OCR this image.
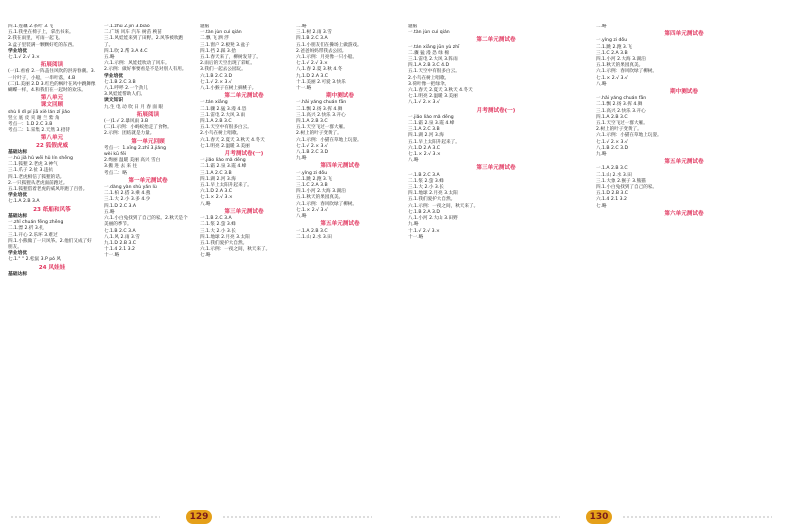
四.1.莲藕 2.茶叶 3.飞

五.1.我坐在椅子上，拿出书来。

2.我在雨里，可雨一起飞。

3.盒子里装满一颗颗好吃的东西。

学业培优

七.1.√ 2.√ 3.×

拓展阅读

(一)1.看看 2.一阵盖住风吹的洪涛春潮。3.一片叶子，小船，一串叶落，4.B

(二)1.美丽 2.D 3.红色的枫叶在风中跳舞像蝴蝶一样，4.和我们在一起时的欢乐。

第八单元

课文回顾

shù lì dǐ pí jiā xiè lán zǐ jiǎo

竖立 底 皮 夹 谢 兰 紫 角

考点一：1.D 2.C 3.B

考点二：1.采集 2.天然 3.招待

第八单元

22 狐假虎威

基础达标

一.hú jiǎ hǔ wēi hǔ lín shēng

二.1.狐狸 2.老虎 3.神气

三.1.爪子 2.扯 3.违抗

四.1.老虎相信了狐狸的话。

2.一只狐狸从老虎面前跑过。

五.1.狐狸借着老虎的威风吓跑了百兽。

学业培优

七.1.A 2.B 3.A

23 纸船和风筝

基础达标

一.zhǐ chuán fēng zhēng

二.1.漂 2.折 3.扎

三.1.开心 2.乐坏 3.难过

四.1.小熊做了一只风筝。2.他们又成了好朋友。

学业培优

七.1." " 2.松鼠 3.P pó 风

24 风娃娃

基础达标

一.1.zhú 2.jīn 3.biāo

二.广场 风车 汽车 树苗 秧苗

三.1.风娃娃来到了田野。2.风筝被吹跑了。

四.1.吹 2.帮 3.A 4.C

五.略

六.1.示例：风娃娃吹动了风车。

2.示例：做好事要看是不是对别人有用。

学业培优

七.1.B 2.C 3.B

八.1.呼呼 2.一个劲儿

3.风娃娃帮助人们。

读文知识

九.生 电 动 吹 日 月 春 面 眼

拓展阅读

(一)1.√ 2.暴风雨 3.B

(二)1.示例：小蚂蚁抬走了食物。

2.示例：团结就是力量。

第一单元回顾

考点一：1.xīng 2.zhī 3.jiǎng

wèi kū fēi

2.绚丽 温暖 美丽 高兴 雪白

3.搬 进 去 来 往

考点二：略

第一单元测试卷

一.dàng yàn shù yǎn lù

二.1.柏 2.搭 3.乘 4.燕

三.1.大 2.小 3.多 4.少

四.1.D 2.C 3.A

五.略

六.1.小白兔找到了自己的家。2.秋天是个美丽的季节。

七.1.B 2.C 3.A

八.1.风 2.雨 3.雪

九.1.D 2.B 3.C

十.1.4 2.1 3.2

十一.略

题脑

一.tàn jùn cuì qián

二.飘 飞 洒 浮

三.1.窗户 2.板凳 3.盆子

四.1.挡 2.踩 3.拾

五.1.春天来了，柳树发芽了。

2.雨后的天空出现了彩虹。

3.我们一起去公园玩。

六.1.B 2.C 3.D

七.1.√ 2.× 3.√

八.1.小猴子在树上摘桃子。

第二单元测试卷

一.tán xiāng

二.1.骤 2.猛 3.漫 4.恐

三.1.雷电 2.大风 3.雨

四.1.A 2.B 3.C

五.1.天空中有很多白云。

2.小鸟在树上唱歌。

六.1.春天 2.夏天 3.秋天 4.冬天

七.1.明亮 2.温暖 3.美丽

月考测试卷(一)

一.jiǎo liào mǎ dēng

二.1.霜 2.泉 3.霞 4.峰

三.1.A 2.C 3.B

四.1.湖 2.河 3.海

五.1.早上太阳升起来了。

六.1.D 2.A 3.C

七.1.× 2.√ 3.×

八.略

第三单元测试卷

一.1.B 2.C 3.A

二.1.浆 2.萤 3.蜂

三.1.大 2.小 3.长

四.1.地球 2.月亮 3.太阳

五.1.我们爱护大自然。

六.1.示例：一夜之间，秋天来了。

七.略

二.略

三.1.树 2.雨 3.雪

四.1.B 2.C 3.A

五.1.小朋友们在操场上做游戏。

2.爸爸妈妈带我去公园。

六.1.示例：月亮像一只小船。

七.1.√ 2.√ 3.×

八.1.春 2.夏 3.秋 4.冬

九.1.D 2.A 3.C

十.1.美丽 2.可爱 3.快乐

十一.略

期中测试卷

一.hǎi yáng chuán fān

二.1.飘 2.扬 3.挥 4.舞

三.1.高兴 2.快乐 3.开心

四.1.A 2.B 3.C

五.1.天空飞过一群大雁。

2.树上的叶子变黄了。

六.1.示例：小猫在草地上玩耍。

七.1.√ 2.× 3.√

八.1.B 2.C 3.D

九.略

第四单元测试卷

一.yǐng zi dǒu

二.1.跳 2.跑 3.飞

三.1.C 2.A 3.B

四.1.小河 2.大海 3.湖泊

五.1.秋天的果园真美。

六.1.示例：春风吹绿了柳树。

七.1.× 2.√ 3.√

八.略

第五单元测试卷

一.1.A 2.B 3.C

二.1.山 2.水 3.田

129

题脑

一.tàn jùn cuì qián

第二单元测试卷

一.tán xiāng jūn yù zhī

二.骤 猛 漫 恐 绿 棉

三.1.雷电 2.大风 3.阵雨

四.1.A 2.B 3.C 4.D

五.1.天空中有很多白云。

2.小鸟在树上唱歌。

3.荷叶像一把绿伞。

六.1.春天 2.夏天 3.秋天 4.冬天

七.1.明亮 2.温暖 3.美丽

八.1.√ 2.× 3.√

月考测试卷(一)

一.jiǎo liào mǎ dēng

二.1.霜 2.泉 3.霞 4.峰

三.1.A 2.C 3.B

四.1.湖 2.河 3.海

五.1.早上太阳升起来了。

六.1.D 2.A 3.C

七.1.× 2.√ 3.×

八.略

第三单元测试卷

一.1.B 2.C 3.A

二.1.浆 2.萤 3.蜂

三.1.大 2.小 3.长

四.1.地球 2.月亮 3.太阳

五.1.我们爱护大自然。

六.1.示例：一夜之间，秋天来了。

七.1.B 2.A 3.D

八.1.小河 2.大山 3.田野

九.略

十.1.√ 2.√ 3.×

十一.略

二.略

第四单元测试卷

一.yǐng zi dǒu

二.1.跳 2.跑 3.飞

三.1.C 2.A 3.B

四.1.小河 2.大海 3.湖泊

五.1.秋天的果园真美。

六.1.示例：春风吹绿了柳树。

七.1.× 2.√ 3.√

八.略

期中测试卷

一.hǎi yáng chuán fān

二.1.飘 2.扬 3.挥 4.舞

三.1.高兴 2.快乐 3.开心

四.1.A 2.B 3.C

五.1.天空飞过一群大雁。

2.树上的叶子变黄了。

六.1.示例：小猫在草地上玩耍。

七.1.√ 2.× 3.√

八.1.B 2.C 3.D

九.略

第五单元测试卷

一.1.A 2.B 3.C

二.1.山 2.水 3.田

三.1.大象 2.猴子 3.熊猫

四.1.小白兔找到了自己的家。

五.1.D 2.B 3.C

六.1.4 2.1 3.2

七.略

第六单元测试卷

130
